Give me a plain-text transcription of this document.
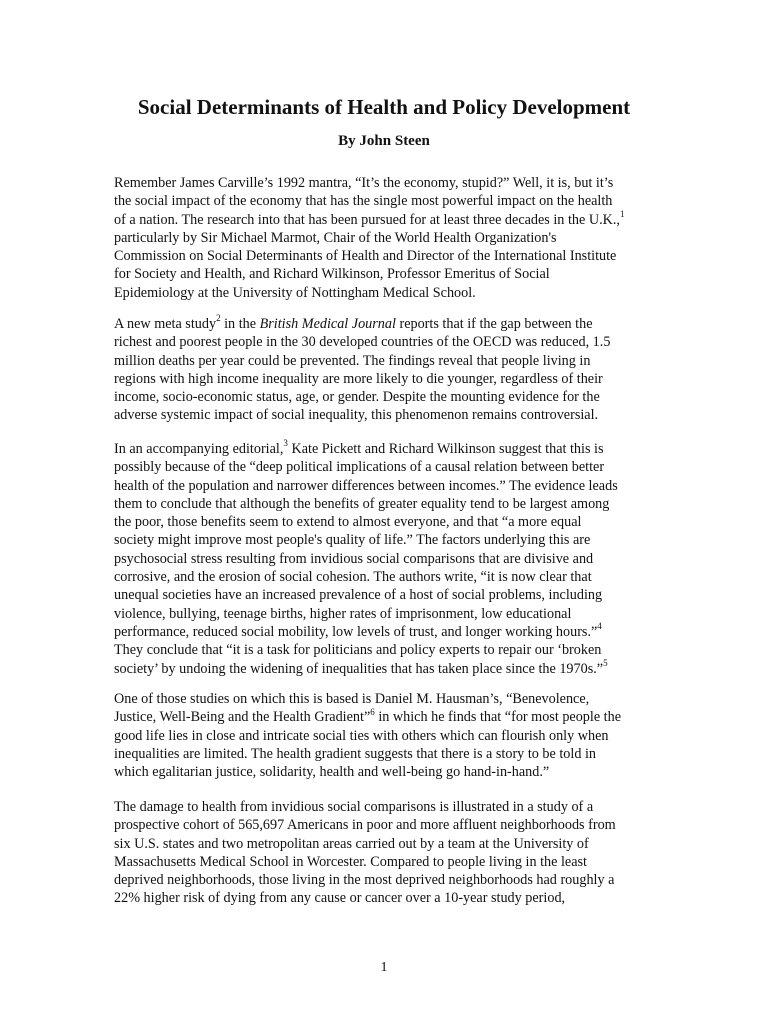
Social Determinants of Health and Policy Development
By John Steen

Remember James Carville’s 1992 mantra, “It’s the economy, stupid?” Well, it is, but it’s
the social impact of the economy that has the single most powerful impact on the health
of a nation. The research into that has been pursued for at least three decades in the U.K.,$^1$
particularly by Sir Michael Marmot, Chair of the World Health Organization's
Commission on Social Determinants of Health and Director of the International Institute
for Society and Health, and Richard Wilkinson, Professor Emeritus of Social
Epidemiology at the University of Nottingham Medical School.

A new meta study$^2$ in the British Medical Journal reports that if the gap between the
richest and poorest people in the 30 developed countries of the OECD was reduced, 1.5
million deaths per year could be prevented. The findings reveal that people living in
regions with high income inequality are more likely to die younger, regardless of their
income, socio-economic status, age, or gender. Despite the mounting evidence for the
adverse systemic impact of social inequality, this phenomenon remains controversial.

In an accompanying editorial,$^3$ Kate Pickett and Richard Wilkinson suggest that this is
possibly because of the “deep political implications of a causal relation between better
health of the population and narrower differences between incomes.” The evidence leads
them to conclude that although the benefits of greater equality tend to be largest among
the poor, those benefits seem to extend to almost everyone, and that “a more equal
society might improve most people's quality of life.” The factors underlying this are
psychosocial stress resulting from invidious social comparisons that are divisive and
corrosive, and the erosion of social cohesion. The authors write, “it is now clear that
unequal societies have an increased prevalence of a host of social problems, including
violence, bullying, teenage births, higher rates of imprisonment, low educational
performance, reduced social mobility, low levels of trust, and longer working hours.”$^4$
They conclude that “it is a task for politicians and policy experts to repair our ‘broken
society’ by undoing the widening of inequalities that has taken place since the 1970s.”$^5$

One of those studies on which this is based is Daniel M. Hausman’s, “Benevolence,
Justice, Well-Being and the Health Gradient”$^6$ in which he finds that “for most people the
good life lies in close and intricate social ties with others which can flourish only when
inequalities are limited. The health gradient suggests that there is a story to be told in
which egalitarian justice, solidarity, health and well-being go hand-in-hand.”

The damage to health from invidious social comparisons is illustrated in a study of a
prospective cohort of 565,697 Americans in poor and more affluent neighborhoods from
six U.S. states and two metropolitan areas carried out by a team at the University of
Massachusetts Medical School in Worcester. Compared to people living in the least
deprived neighborhoods, those living in the most deprived neighborhoods had roughly a
22% higher risk of dying from any cause or cancer over a 10-year study period,

1
